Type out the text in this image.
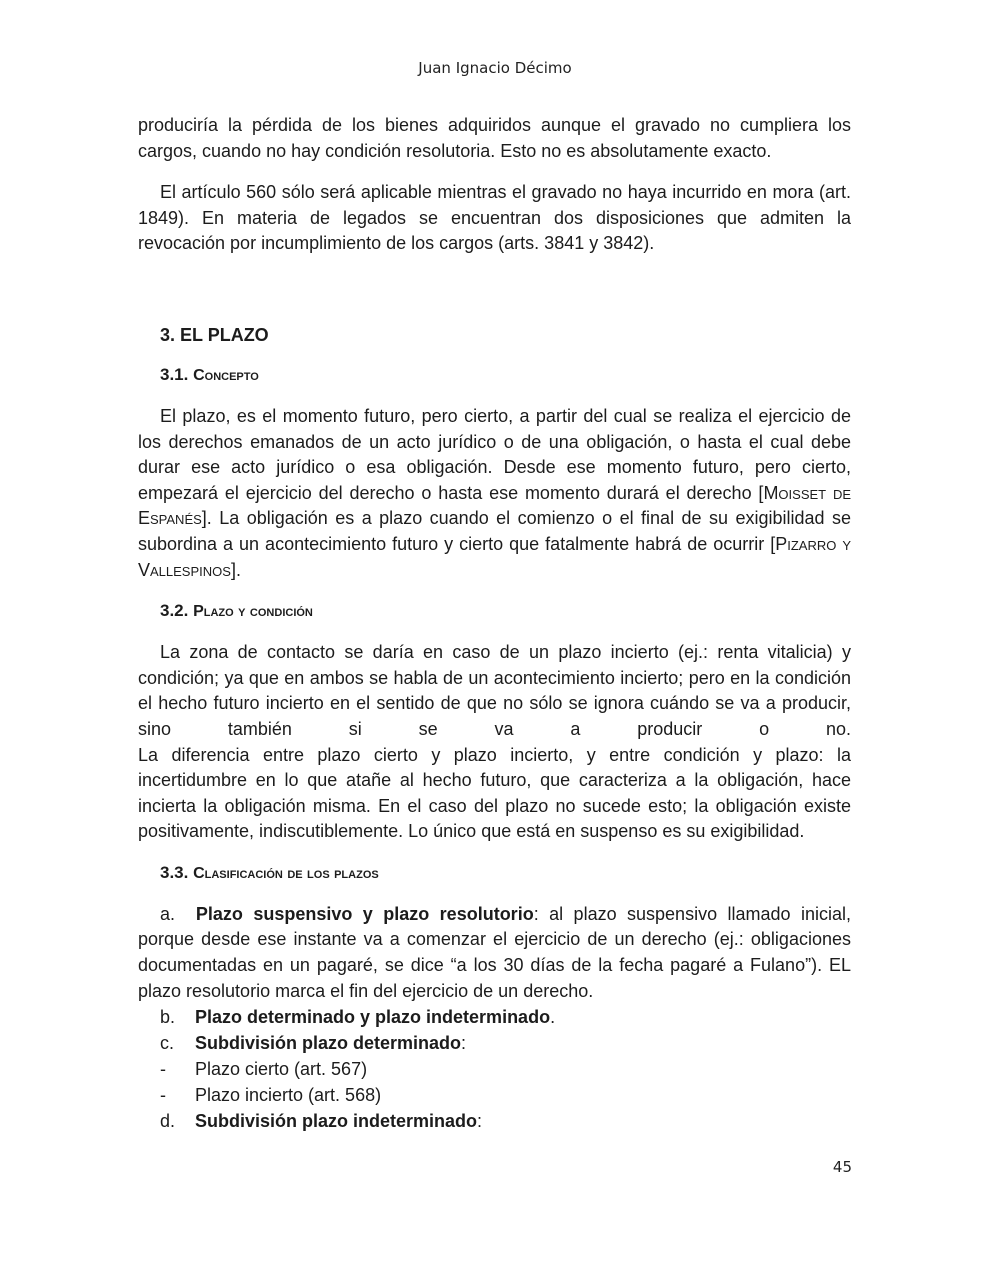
Juan Ignacio Décimo

produciría la pérdida de los bienes adquiridos aunque el gravado no cumpliera los cargos, cuando no hay condición resolutoria. Esto no es absolutamente exacto.

El artículo 560 sólo será aplicable mientras el gravado no haya incurrido en mora (art. 1849). En materia de legados se encuentran dos disposiciones que admiten la revocación por incumplimiento de los cargos (arts. 3841 y 3842).

3. EL PLAZO
3.1. Concepto

El plazo, es el momento futuro, pero cierto, a partir del cual se realiza el ejercicio de los derechos emanados de un acto jurídico o de una obligación, o hasta el cual debe durar ese acto jurídico o esa obligación. Desde ese momento futuro, pero cierto, empezará el ejercicio del derecho o hasta ese momento durará el derecho [Moisset de Espanés]. La obligación es a plazo cuando el comienzo o el final de su exigibilidad se subordina a un acontecimiento futuro y cierto que fatalmente habrá de ocurrir [Pizarro y Vallespinos].

3.2. Plazo y condición

La zona de contacto se daría en caso de un plazo incierto (ej.: renta vitalicia) y condición; ya que en ambos se habla de un acontecimiento incierto; pero en la condición el hecho futuro incierto en el sentido de que no sólo se ignora cuándo se va a producir, sino también si se va a producir o no.

La diferencia entre plazo cierto y plazo incierto, y entre condición y plazo: la incertidumbre en lo que atañe al hecho futuro, que caracteriza a la obligación, hace incierta la obligación misma. En el caso del plazo no sucede esto; la obligación existe positivamente, indiscutiblemente. Lo único que está en suspenso es su exigibilidad.

3.3. Clasificación de los plazos

a. Plazo suspensivo y plazo resolutorio: al plazo suspensivo llamado inicial, porque desde ese instante va a comenzar el ejercicio de un derecho (ej.: obligaciones documentadas en un pagaré, se dice “a los 30 días de la fecha pagaré a Fulano”). EL plazo resolutorio marca el fin del ejercicio de un derecho.

b.	Plazo determinado y plazo indeterminado.
c.	Subdivisión plazo determinado:
-	Plazo cierto (art. 567)
-	Plazo incierto (art. 568)
d.	Subdivisión plazo indeterminado:
45
